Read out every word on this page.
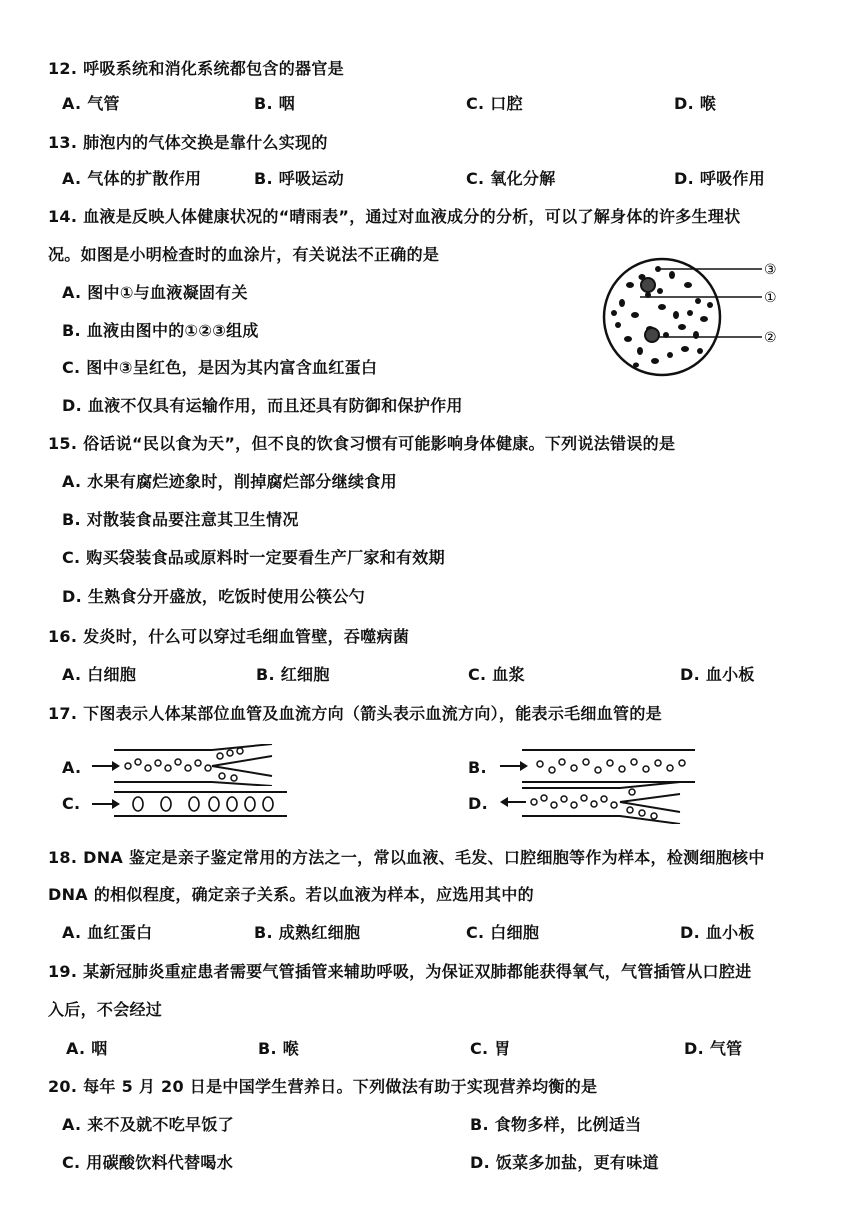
12. 呼吸系统和消化系统都包含的器官是
A. 气管	B. 咽	C. 口腔	D. 喉
13. 肺泡内的气体交换是靠什么实现的
A. 气体的扩散作用	B. 呼吸运动	C. 氧化分解	D. 呼吸作用
14. 血液是反映人体健康状况的“晴雨表”，通过对血液成分的分析，可以了解身体的许多生理状
况。如图是小明检查时的血涂片，有关说法不正确的是
A. 图中①与血液凝固有关
B. 血液由图中的①②③组成
C. 图中③呈红色，是因为其内富含血红蛋白
D. 血液不仅具有运输作用，而且还具有防御和保护作用
③
①
②
15. 俗话说“民以食为天”，但不良的饮食习惯有可能影响身体健康。下列说法错误的是
A. 水果有腐烂迹象时，削掉腐烂部分继续食用
B. 对散装食品要注意其卫生情况
C. 购买袋装食品或原料时一定要看生产厂家和有效期
D. 生熟食分开盛放，吃饭时使用公筷公勺
16. 发炎时，什么可以穿过毛细血管壁，吞噬病菌
A. 白细胞	B. 红细胞	C. 血浆	D. 血小板
17. 下图表示人体某部位血管及血流方向（箭头表示血流方向），能表示毛细血管的是
A.	B.
C.	D.
18. DNA 鉴定是亲子鉴定常用的方法之一，常以血液、毛发、口腔细胞等作为样本，检测细胞核中
DNA 的相似程度，确定亲子关系。若以血液为样本，应选用其中的
A. 血红蛋白	B. 成熟红细胞	C. 白细胞	D. 血小板
19. 某新冠肺炎重症患者需要气管插管来辅助呼吸，为保证双肺都能获得氧气，气管插管从口腔进
入后，不会经过
A. 咽	B. 喉	C. 胃	D. 气管
20. 每年 5 月 20 日是中国学生营养日。下列做法有助于实现营养均衡的是
A. 来不及就不吃早饭了	B. 食物多样，比例适当
C. 用碳酸饮料代替喝水	D. 饭菜多加盐，更有味道
